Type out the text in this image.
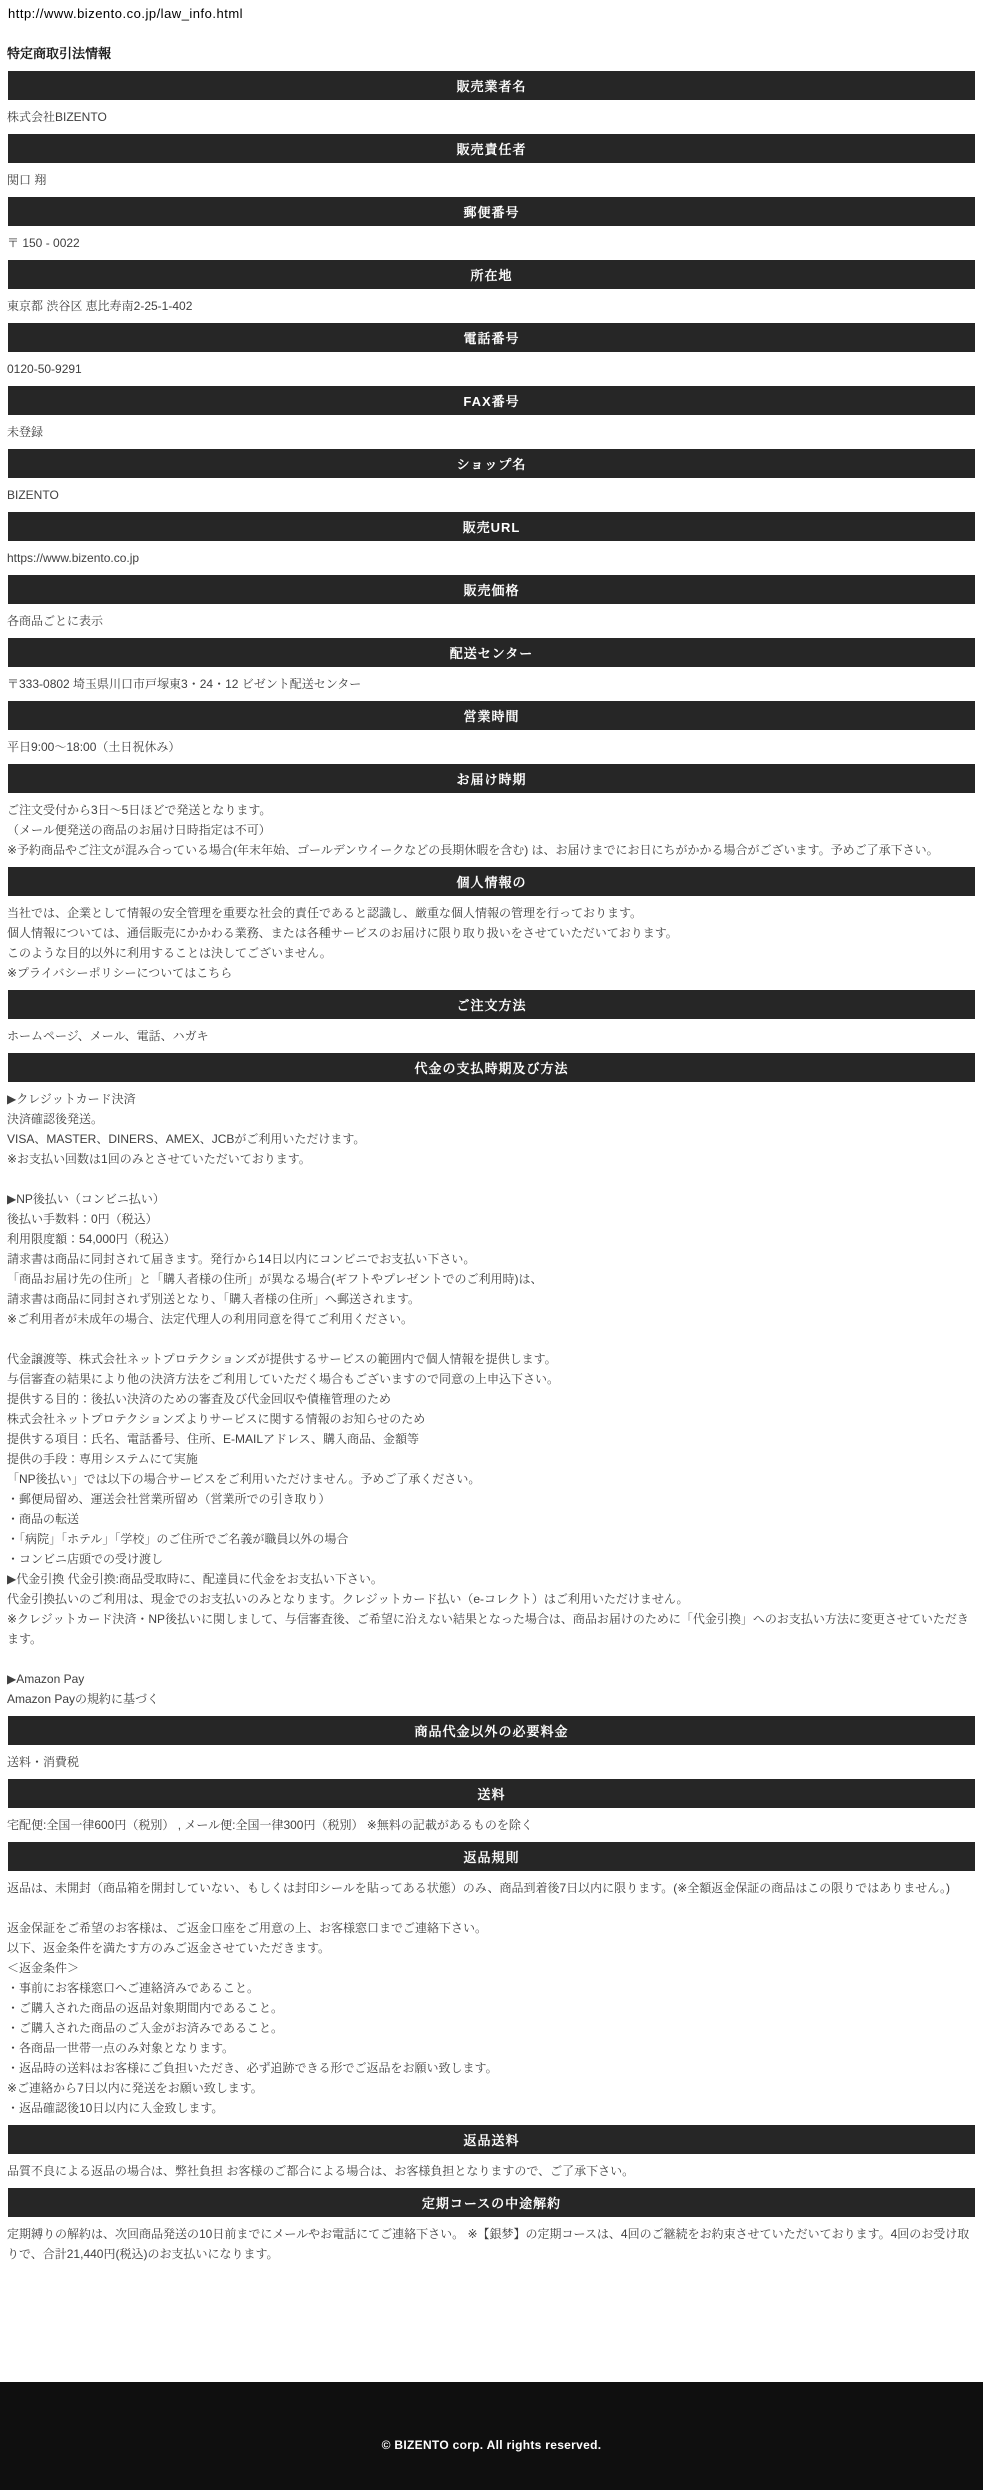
http://www.bizento.co.jp/law_info.html
特定商取引法情報
販売業者名
株式会社BIZENTO
販売責任者
関口 翔
郵便番号
〒 150 - 0022
所在地
東京都 渋谷区 恵比寿南2-25-1-402
電話番号
0120-50-9291
FAX番号
未登録
ショップ名
BIZENTO
販売URL
https://www.bizento.co.jp
販売価格
各商品ごとに表示
配送センター
〒333-0802 埼玉県川口市戸塚東3・24・12 ビゼント配送センター
営業時間
平日9:00～18:00（土日祝休み）
お届け時期
ご注文受付から3日～5日ほどで発送となります。
（メール便発送の商品のお届け日時指定は不可）
※予約商品やご注文が混み合っている場合(年末年始、ゴールデンウイークなどの長期休暇を含む) は、お届けまでにお日にちがかかる場合がございます。予めご了承下さい。
個人情報の
当社では、企業として情報の安全管理を重要な社会的責任であると認識し、厳重な個人情報の管理を行っております。
個人情報については、通信販売にかかわる業務、または各種サービスのお届けに限り取り扱いをさせていただいております。
このような目的以外に利用することは決してございません。
※プライバシーポリシーについてはこちら
ご注文方法
ホームページ、メール、電話、ハガキ
代金の支払時期及び方法
▶クレジットカード決済
決済確認後発送。
VISA、MASTER、DINERS、AMEX、JCBがご利用いただけます。
※お支払い回数は1回のみとさせていただいております。

▶NP後払い（コンビニ払い）
後払い手数料：0円（税込）
利用限度額：54,000円（税込）
請求書は商品に同封されて届きます。発行から14日以内にコンビニでお支払い下さい。
「商品お届け先の住所」と「購入者様の住所」が異なる場合(ギフトやプレゼントでのご利用時)は、
請求書は商品に同封されず別送となり、「購入者様の住所」へ郵送されます。
※ご利用者が未成年の場合、法定代理人の利用同意を得てご利用ください。

代金譲渡等、株式会社ネットプロテクションズが提供するサービスの範囲内で個人情報を提供します。
与信審査の結果により他の決済方法をご利用していただく場合もございますので同意の上申込下さい。
提供する目的：後払い決済のための審査及び代金回収や債権管理のため
株式会社ネットプロテクションズよりサービスに関する情報のお知らせのため
提供する項目：氏名、電話番号、住所、E-MAILアドレス、購入商品、金額等
提供の手段：専用システムにて実施
「NP後払い」では以下の場合サービスをご利用いただけません。予めご了承ください。
・郵便局留め、運送会社営業所留め（営業所での引き取り）
・商品の転送
・「病院」「ホテル」「学校」のご住所でご名義が職員以外の場合
・コンビニ店頭での受け渡し
▶代金引換 代金引換:商品受取時に、配達員に代金をお支払い下さい。
代金引換払いのご利用は、現金でのお支払いのみとなります。クレジットカード払い（e-コレクト）はご利用いただけません。
※クレジットカード決済・NP後払いに関しまして、与信審査後、ご希望に沿えない結果となった場合は、商品お届けのために「代金引換」へのお支払い方法に変更させていただきます。

▶Amazon Pay
Amazon Payの規約に基づく
商品代金以外の必要料金
送料・消費税
送料
宅配便:全国一律600円（税別） , メール便:全国一律300円（税別） ※無料の記載があるものを除く
返品規則
返品は、未開封（商品箱を開封していない、もしくは封印シールを貼ってある状態）のみ、商品到着後7日以内に限ります。(※全額返金保証の商品はこの限りではありません。)

返金保証をご希望のお客様は、ご返金口座をご用意の上、お客様窓口までご連絡下さい。
以下、返金条件を満たす方のみご返金させていただきます。
＜返金条件＞
・事前にお客様窓口へご連絡済みであること。
・ご購入された商品の返品対象期間内であること。
・ご購入された商品のご入金がお済みであること。
・各商品一世帯一点のみ対象となります。
・返品時の送料はお客様にご負担いただき、必ず追跡できる形でご返品をお願い致します。
※ご連絡から7日以内に発送をお願い致します。
・返品確認後10日以内に入金致します。
返品送料
品質不良による返品の場合は、弊社負担 お客様のご都合による場合は、お客様負担となりますので、ご了承下さい。
定期コースの中途解約
定期縛りの解約は、次回商品発送の10日前までにメールやお電話にてご連絡下さい。 ※【銀梦】の定期コースは、4回のご継続をお約束させていただいております。4回のお受け取りで、合計21,440円(税込)のお支払いになります。
© BIZENTO corp. All rights reserved.
